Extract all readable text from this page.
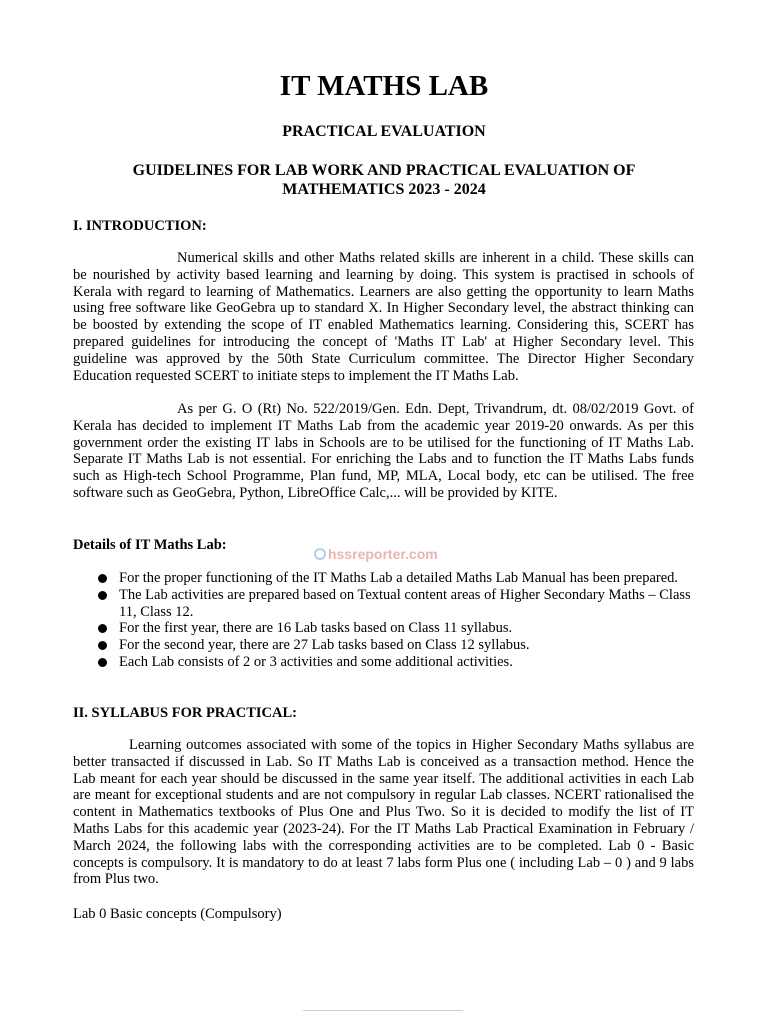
IT MATHS LAB
PRACTICAL EVALUATION
GUIDELINES FOR LAB WORK AND PRACTICAL EVALUATION OF MATHEMATICS 2023 - 2024
I. INTRODUCTION:

Numerical skills and other Maths related skills are inherent in a child. These skills can be nourished by activity based learning and learning by doing. This system is practised in schools of Kerala with regard to learning of Mathematics. Learners are also getting the opportunity to learn Maths using free software like GeoGebra up to standard X. In Higher Secondary level, the abstract thinking can be boosted by extending the scope of IT enabled Mathematics learning. Considering this, SCERT has prepared guidelines for introducing the concept of 'Maths IT Lab' at Higher Secondary level. This guideline was approved by the 50th State Curriculum committee. The Director Higher Secondary Education requested SCERT to initiate steps to implement the IT Maths Lab.

As per G. O (Rt) No. 522/2019/Gen. Edn. Dept, Trivandrum, dt. 08/02/2019 Govt. of Kerala has decided to implement IT Maths Lab from the academic year 2019-20 onwards. As per this government order the existing IT labs in Schools are to be utilised for the functioning of IT Maths Lab. Separate IT Maths Lab is not essential. For enriching the Labs and to function the IT Maths Labs funds such as High-tech School Programme, Plan fund, MP, MLA, Local body, etc can be utilised. The free software such as GeoGebra, Python, LibreOffice Calc,... will be provided by KITE.

Details of IT Maths Lab:
hssreporter.com
For the proper functioning of the IT Maths Lab a detailed Maths Lab Manual has been prepared.
The Lab activities are prepared based on Textual content areas of Higher Secondary Maths – Class 11, Class 12.
For the first year, there are 16 Lab tasks based on Class 11 syllabus.
For the second year, there are 27 Lab tasks based on Class 12 syllabus.
Each Lab consists of 2 or 3 activities and some additional activities.
II. SYLLABUS FOR PRACTICAL:

Learning outcomes associated with some of the topics in Higher Secondary Maths syllabus are better transacted if discussed in Lab. So IT Maths Lab is conceived as a transaction method. Hence the Lab meant for each year should be discussed in the same year itself. The additional activities in each Lab are meant for exceptional students and are not compulsory in regular Lab classes. NCERT rationalised the content in Mathematics textbooks of Plus One and Plus Two. So it is decided to modify the list of IT Maths Labs for this academic year (2023-24). For the IT Maths Lab Practical Examination in February / March 2024, the following labs with the corresponding activities are to be completed. Lab 0 - Basic concepts is compulsory. It is mandatory to do at least 7 labs form Plus one ( including Lab – 0 ) and 9 labs from Plus two.

Lab 0 Basic concepts (Compulsory)
